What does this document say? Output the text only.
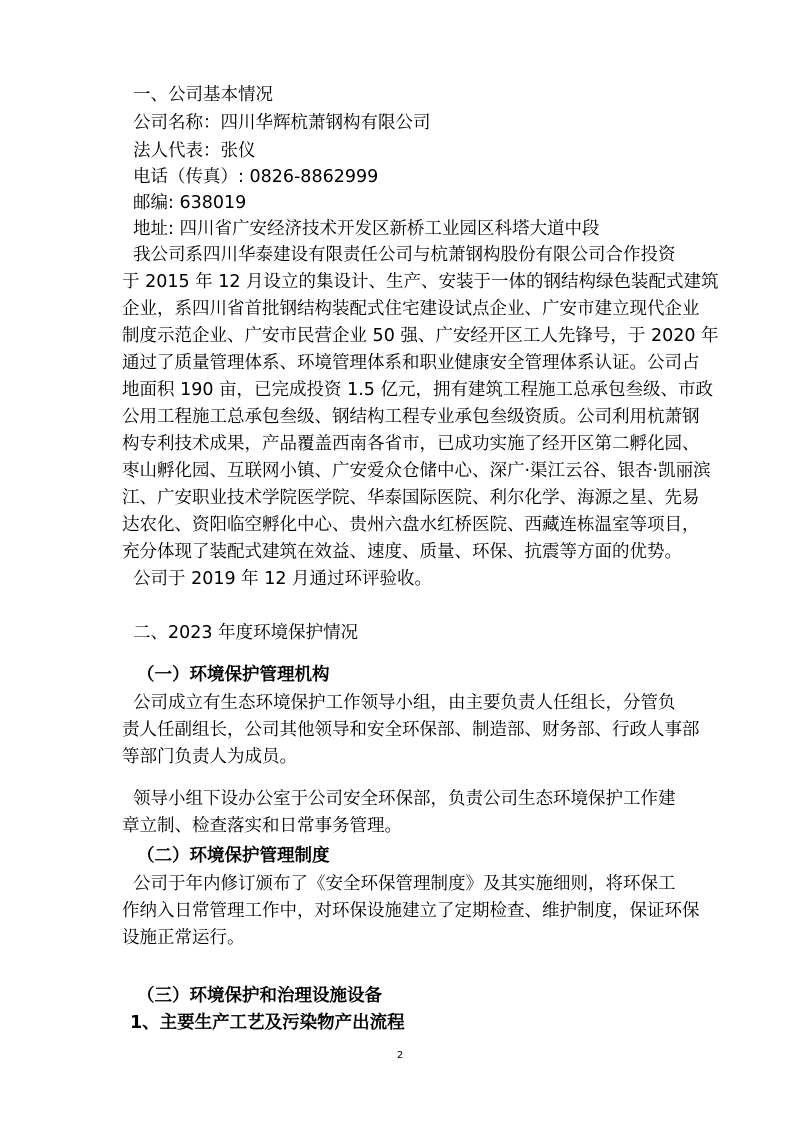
一、公司基本情况
公司名称：四川华辉杭萧钢构有限公司
法人代表：张仪
电话（传真）: 0826-8862999
邮编: 638019
地址: 四川省广安经济技术开发区新桥工业园区科塔大道中段
我公司系四川华泰建设有限责任公司与杭萧钢构股份有限公司合作投资
于 2015 年 12 月设立的集设计、生产、安装于一体的钢结构绿色装配式建筑
企业，系四川省首批钢结构装配式住宅建设试点企业、广安市建立现代企业
制度示范企业、广安市民营企业 50 强、广安经开区工人先锋号，于 2020 年
通过了质量管理体系、环境管理体系和职业健康安全管理体系认证。公司占
地面积 190 亩，已完成投资 1.5 亿元，拥有建筑工程施工总承包叁级、市政
公用工程施工总承包叁级、钢结构工程专业承包叁级资质。公司利用杭萧钢
构专利技术成果，产品覆盖西南各省市，已成功实施了经开区第二孵化园、
枣山孵化园、互联网小镇、广安爱众仓储中心、深广·渠江云谷、银杏·凯丽滨
江、广安职业技术学院医学院、华泰国际医院、利尔化学、海源之星、先易
达农化、资阳临空孵化中心、贵州六盘水红桥医院、西藏连栋温室等项目，
充分体现了装配式建筑在效益、速度、质量、环保、抗震等方面的优势。
公司于 2019 年 12 月通过环评验收。
二、2023 年度环境保护情况
（一）环境保护管理机构
公司成立有生态环境保护工作领导小组，由主要负责人任组长，分管负
责人任副组长，公司其他领导和安全环保部、制造部、财务部、行政人事部
等部门负责人为成员。
领导小组下设办公室于公司安全环保部，负责公司生态环境保护工作建
章立制、检查落实和日常事务管理。
（二）环境保护管理制度
公司于年内修订颁布了《安全环保管理制度》及其实施细则，将环保工
作纳入日常管理工作中，对环保设施建立了定期检查、维护制度，保证环保
设施正常运行。
（三）环境保护和治理设施设备
1、主要生产工艺及污染物产出流程
2
